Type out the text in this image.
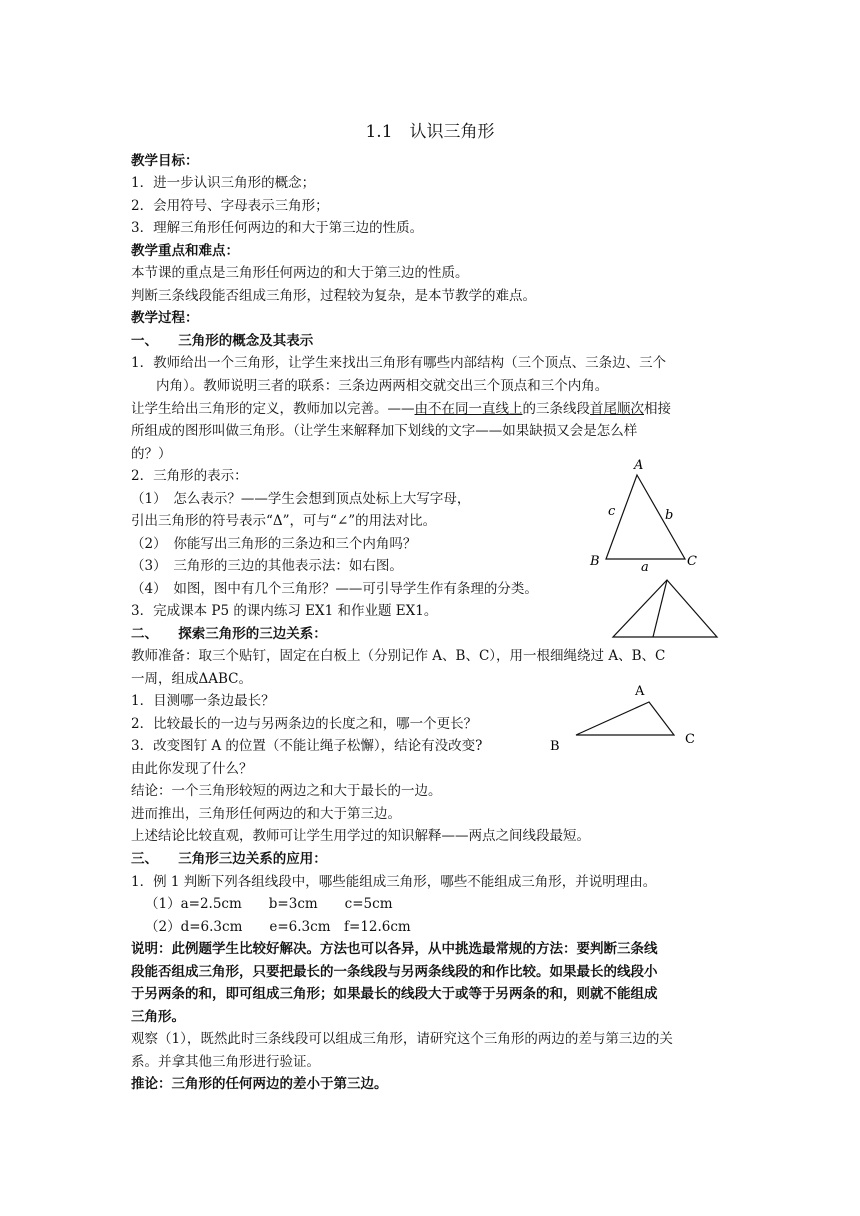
1.1　认识三角形
教学目标：
1．进一步认识三角形的概念；
2．会用符号、字母表示三角形；
3．理解三角形任何两边的和大于第三边的性质。
教学重点和难点：
本节课的重点是三角形任何两边的和大于第三边的性质。
判断三条线段能否组成三角形，过程较为复杂，是本节教学的难点。
教学过程：
一、　　三角形的概念及其表示
1．教师给出一个三角形，让学生来找出三角形有哪些内部结构（三个顶点、三条边、三个
内角）。教师说明三者的联系：三条边两两相交就交出三个顶点和三个内角。
让学生给出三角形的定义，教师加以完善。——由不在同一直线上的三条线段首尾顺次相接
所组成的图形叫做三角形。（让学生来解释加下划线的文字——如果缺损又会是怎么样
的？）
2．三角形的表示：
（1）　怎么表示？——学生会想到顶点处标上大写字母，
引出三角形的符号表示“Δ”，可与“∠”的用法对比。
（2）　你能写出三角形的三条边和三个内角吗？
（3）　三角形的三边的其他表示法：如右图。
（4）　如图，图中有几个三角形？——可引导学生作有条理的分类。
3．完成课本 P5 的课内练习 EX1 和作业题 EX1。
二、　　探索三角形的三边关系：
教师准备：取三个贴钉，固定在白板上（分别记作 A、B、C），用一根细绳绕过 A、B、C
一周，组成ΔABC。
1．目测哪一条边最长？
2．比较最长的一边与另两条边的长度之和，哪一个更长？
3．改变图钉 A 的位置（不能让绳子松懈），结论有没改变?
由此你发现了什么？
结论：一个三角形较短的两边之和大于最长的一边。
进而推出，三角形任何两边的和大于第三边。
上述结论比较直观，教师可让学生用学过的知识解释——两点之间线段最短。
三、　　三角形三边关系的应用：
1．例 1 判断下列各组线段中，哪些能组成三角形，哪些不能组成三角形，并说明理由。
（1）a=2.5cm　　b=3cm　　c=5cm
（2）d=6.3cm　　e=6.3cm　f=12.6cm
说明：此例题学生比较好解决。方法也可以各异，从中挑选最常规的方法：要判断三条线
段能否组成三角形，只要把最长的一条线段与另两条线段的和作比较。如果最长的线段小
于另两条的和，即可组成三角形；如果最长的线段大于或等于另两条的和，则就不能组成
三角形。
观察（1），既然此时三条线段可以组成三角形，请研究这个三角形的两边的差与第三边的关
系。并拿其他三角形进行验证。
推论：三角形的任何两边的差小于第三边。
A
B	C
a
b
c
A
B	C
